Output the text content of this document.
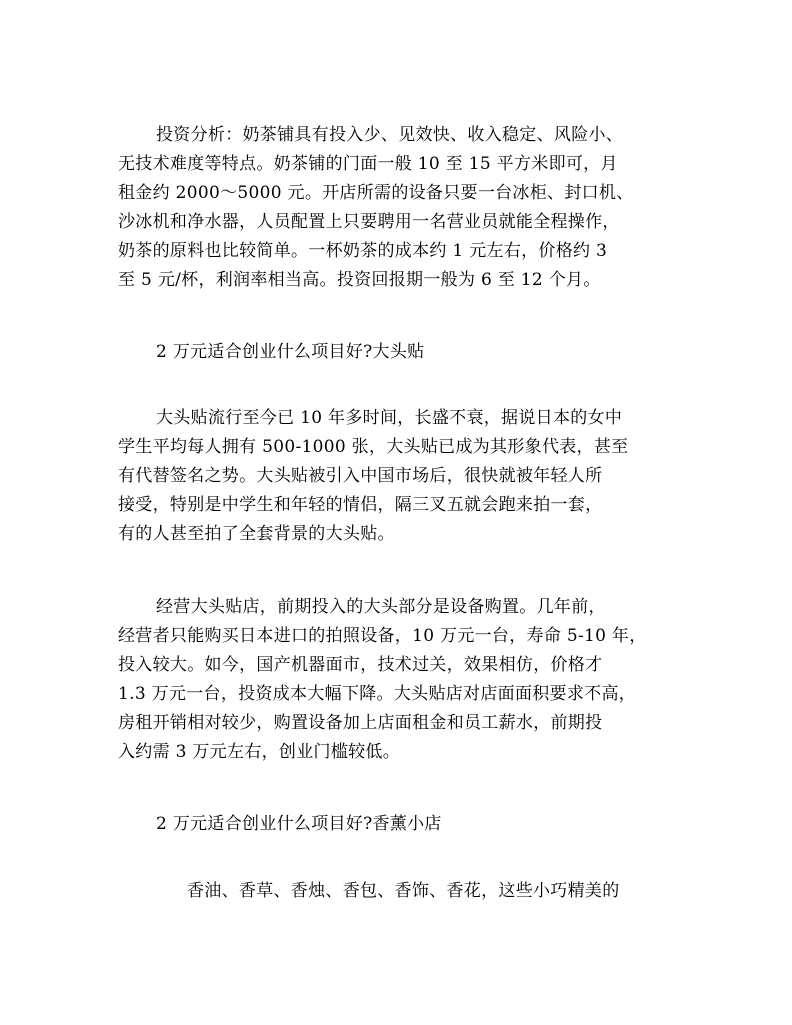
投资分析：奶茶铺具有投入少、见效快、收入稳定、风险小、
无技术难度等特点。奶茶铺的门面一般 10 至 15 平方米即可，月
租金约 2000～5000 元。开店所需的设备只要一台冰柜、封口机、
沙冰机和净水器，人员配置上只要聘用一名营业员就能全程操作，
奶茶的原料也比较简单。一杯奶茶的成本约 1 元左右，价格约 3
至 5 元/杯，利润率相当高。投资回报期一般为 6 至 12 个月。
2 万元适合创业什么项目好?大头贴
大头贴流行至今已 10 年多时间，长盛不衰，据说日本的女中
学生平均每人拥有 500-1000 张，大头贴已成为其形象代表，甚至
有代替签名之势。大头贴被引入中国市场后，很快就被年轻人所
接受，特别是中学生和年轻的情侣，隔三叉五就会跑来拍一套，
有的人甚至拍了全套背景的大头贴。
经营大头贴店，前期投入的大头部分是设备购置。几年前，
经营者只能购买日本进口的拍照设备，10 万元一台，寿命 5-10 年，
投入较大。如今，国产机器面市，技术过关，效果相仿，价格才
1.3 万元一台，投资成本大幅下降。大头贴店对店面面积要求不高，
房租开销相对较少，购置设备加上店面租金和员工薪水，前期投
入约需 3 万元左右，创业门槛较低。
2 万元适合创业什么项目好?香薰小店
香油、香草、香烛、香包、香饰、香花，这些小巧精美的
